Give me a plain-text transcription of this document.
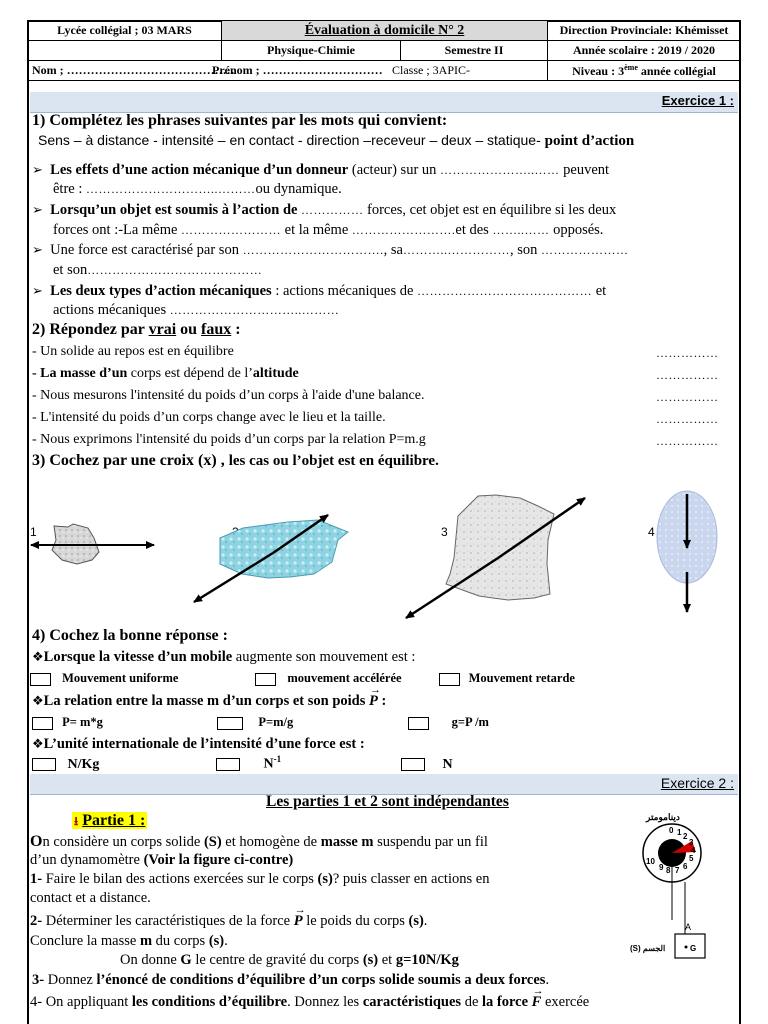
Lycée collégial ; 03 MARS	Évaluation à domicile N° 2		Direction Provinciale: Khémisset
	Physique-Chimie	Semestre II	Année scolaire : 2019 / 2020
Nom ; ……………………………………Prénom ; ………………………… Classe ; 3APIC-			Niveau : 3ème année collégial
Exercice 1 :
1) Complétez les phrases suivantes par les mots qui convient:
Sens – à distance - intensité – en contact - direction –receveur – deux – statique- point d’action
➢ Les effets d’une action mécanique d’un donneur (acteur) sur un …………………..…… peuvent
être : …………………………..………ou dynamique.
➢ Lorsqu’un objet est soumis à l’action de …………… forces, cet objet est en équilibre si les deux
forces ont :-La même …………………… et la même …………………….et des ……..…… opposés.
➢ Une force est caractérisé par son ……………………………., sa………..……………, son …………………
et son……………………………………
➢ Les deux types d’action mécaniques : actions mécaniques de …………………………………… et
actions mécaniques …………………………..………
2) Répondez par vrai ou faux :
- Un solide au repos est en équilibre	……………
- La masse d’un corps est dépend de l’altitude	……………
- Nous mesurons l'intensité du poids d’un corps à l'aide d'une balance.	……………
- L'intensité du poids d’un corps change avec le lieu et la taille.	……………
- Nous exprimons l'intensité du poids d’un corps par la relation P=m.g	……………
3) Cochez par une croix (x) , les cas ou l’objet est en équilibre.
1	3	4
4) Cochez la bonne réponse :
❖Lorsque la vitesse d’un mobile augmente son mouvement est :
Mouvement uniforme	mouvement accélérée	Mouvement retarde
❖La relation entre la masse m d’un corps et son poids
→
P :
P= m*g	P=m/g	g=P /m
❖L’unité internationale de l’intensité d’une force est :
N/Kg	$N^{-1}$	N
Exercice 2 :
Les parties 1 et 2 sont indépendantes
⭳ Partie 1 :
On considère un corps solide (S) et homogène de masse m suspendu par un fil
d’un dynamomètre (Voir la figure ci-contre)
1- Faire le bilan des actions exercées sur le corps (s)? puis classer en actions en
contact et a distance.
2- Déterminer les caractéristiques de la force
→
P le poids du corps (s).
Conclure la masse m du corps (s).
On donne G le centre de gravité du corps (s) et g=10N/Kg
3- Donnez l’énoncé de conditions d’équilibre d’un corps solide soumis a deux forces.
4- On appliquant les conditions d’équilibre. Donnez les caractéristiques de la force
→
F exercée
دينامومتر
0 1 2
3
4
5
6
7
8
9
10
A
G
(S) الجسم
